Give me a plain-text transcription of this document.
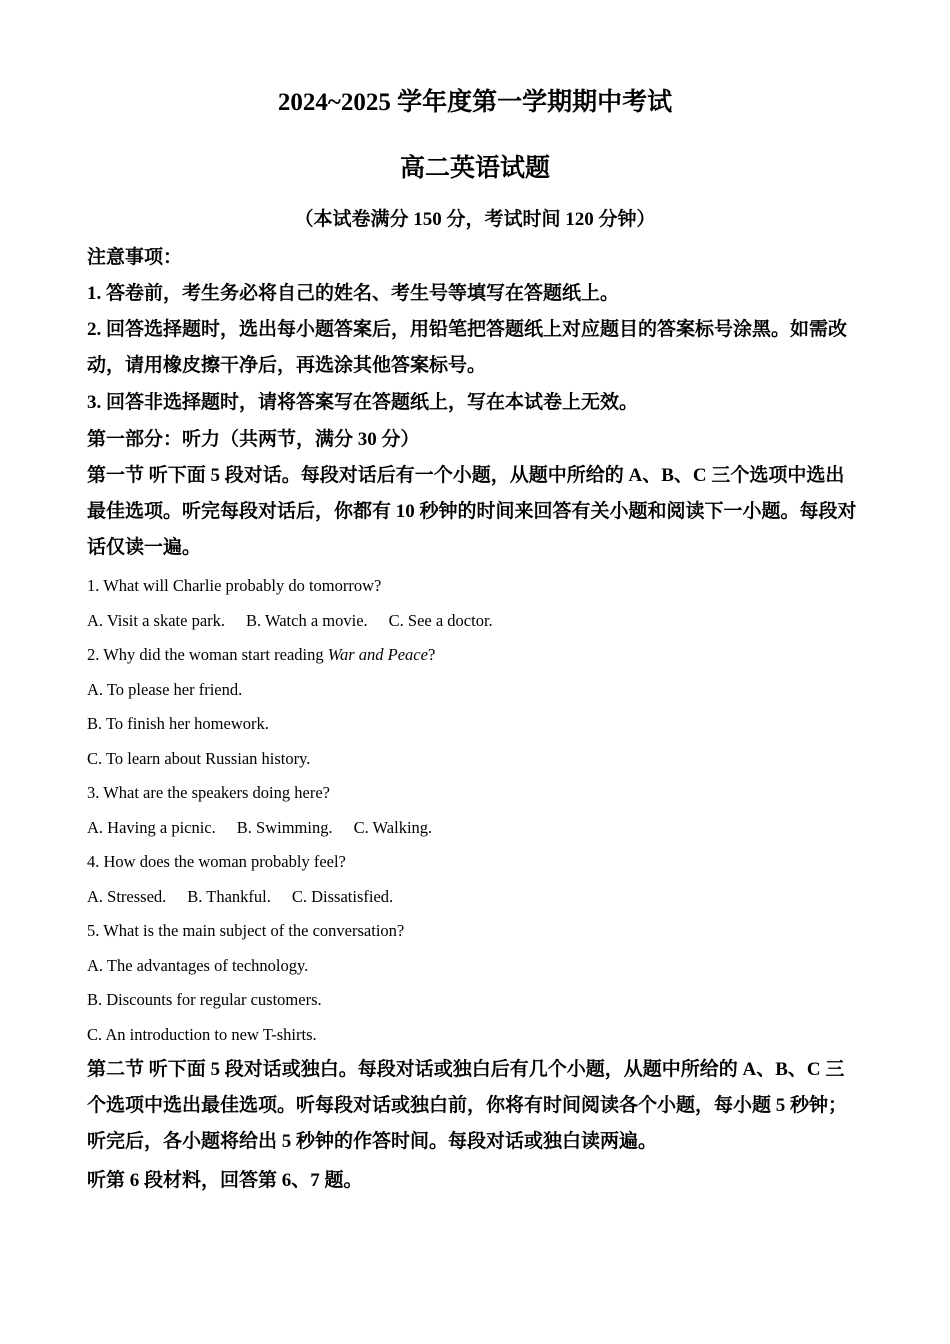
2024~2025 学年度第一学期期中考试
高二英语试题
（本试卷满分 150 分，考试时间 120 分钟）
注意事项：
1. 答卷前，考生务必将自己的姓名、考生号等填写在答题纸上。
2. 回答选择题时，选出每小题答案后，用铅笔把答题纸上对应题目的答案标号涂黑。如需改动，请用橡皮擦干净后，再选涂其他答案标号。
3. 回答非选择题时，请将答案写在答题纸上，写在本试卷上无效。
第一部分：听力（共两节，满分 30 分）
第一节 听下面 5 段对话。每段对话后有一个小题，从题中所给的 A、B、C 三个选项中选出最佳选项。听完每段对话后，你都有 10 秒钟的时间来回答有关小题和阅读下一小题。每段对话仅读一遍。
1. What will Charlie probably do tomorrow?
A. Visit a skate park. B. Watch a movie. C. See a doctor.
2. Why did the woman start reading War and Peace?
A. To please her friend.
B. To finish her homework.
C. To learn about Russian history.
3. What are the speakers doing here?
A. Having a picnic. B. Swimming. C. Walking.
4. How does the woman probably feel?
A. Stressed. B. Thankful. C. Dissatisfied.
5. What is the main subject of the conversation?
A. The advantages of technology.
B. Discounts for regular customers.
C. An introduction to new T-shirts.
第二节 听下面 5 段对话或独白。每段对话或独白后有几个小题，从题中所给的 A、B、C 三个选项中选出最佳选项。听每段对话或独白前，你将有时间阅读各个小题，每小题 5 秒钟；听完后，各小题将给出 5 秒钟的作答时间。每段对话或独白读两遍。
听第 6 段材料，回答第 6、7 题。
